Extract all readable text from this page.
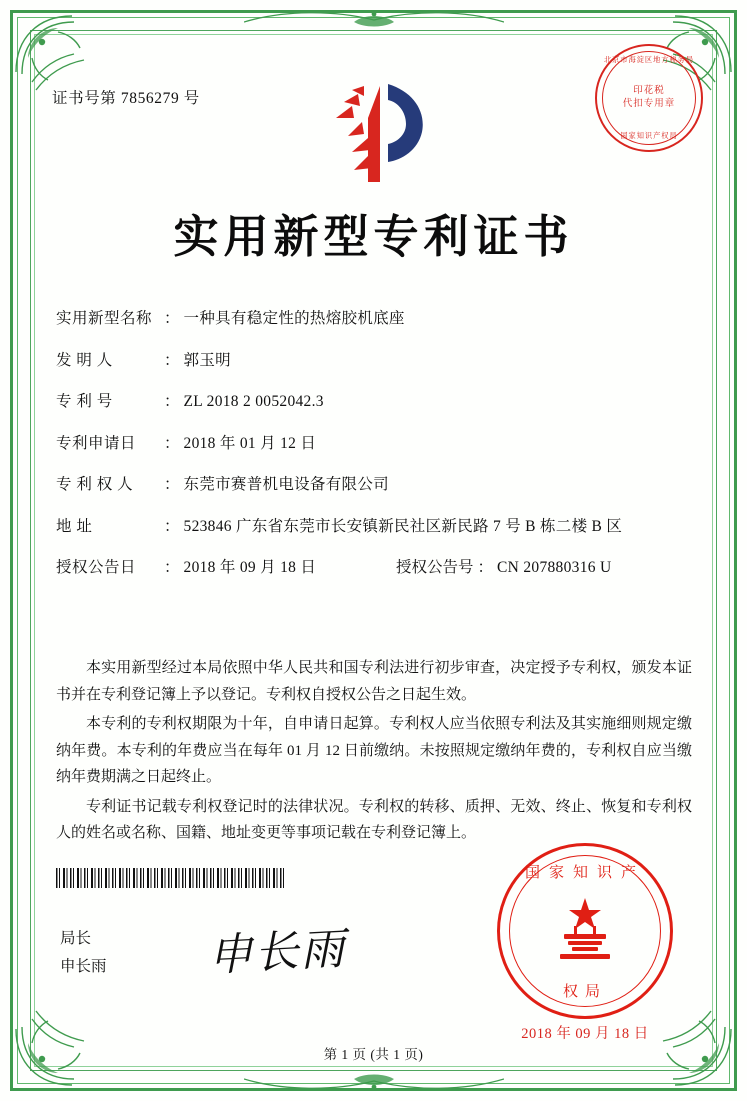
证书号第 7856279 号
北京市海淀区地方税务局
印花税
代扣专用章
国家知识产权局
实用新型专利证书
实用新型名称 ： 一种具有稳定性的热熔胶机底座
发 明 人	： 郭玉明
专 利 号	： ZL 2018 2 0052042.3
专利申请日	： 2018 年 01 月 12 日
专 利 权 人	： 东莞市赛普机电设备有限公司
地 址	： 523846 广东省东莞市长安镇新民社区新民路 7 号 B 栋二楼 B 区
授权公告日	： 2018 年 09 月 18 日	授权公告号 ： CN 207880316 U

本实用新型经过本局依照中华人民共和国专利法进行初步审查，决定授予专利权，颁发本证书并在专利登记簿上予以登记。专利权自授权公告之日起生效。

本专利的专利权期限为十年，自申请日起算。专利权人应当依照专利法及其实施细则规定缴纳年费。本专利的年费应当在每年 01 月 12 日前缴纳。未按照规定缴纳年费的，专利权自应当缴纳年费期满之日起终止。

专利证书记载专利权登记时的法律状况。专利权的转移、质押、无效、终止、恢复和专利权人的姓名或名称、国籍、地址变更等事项记载在专利登记簿上。

局长
申长雨 申长雨
国家知识产
权局
2018 年 09 月 18 日
第 1 页 (共 1 页)
